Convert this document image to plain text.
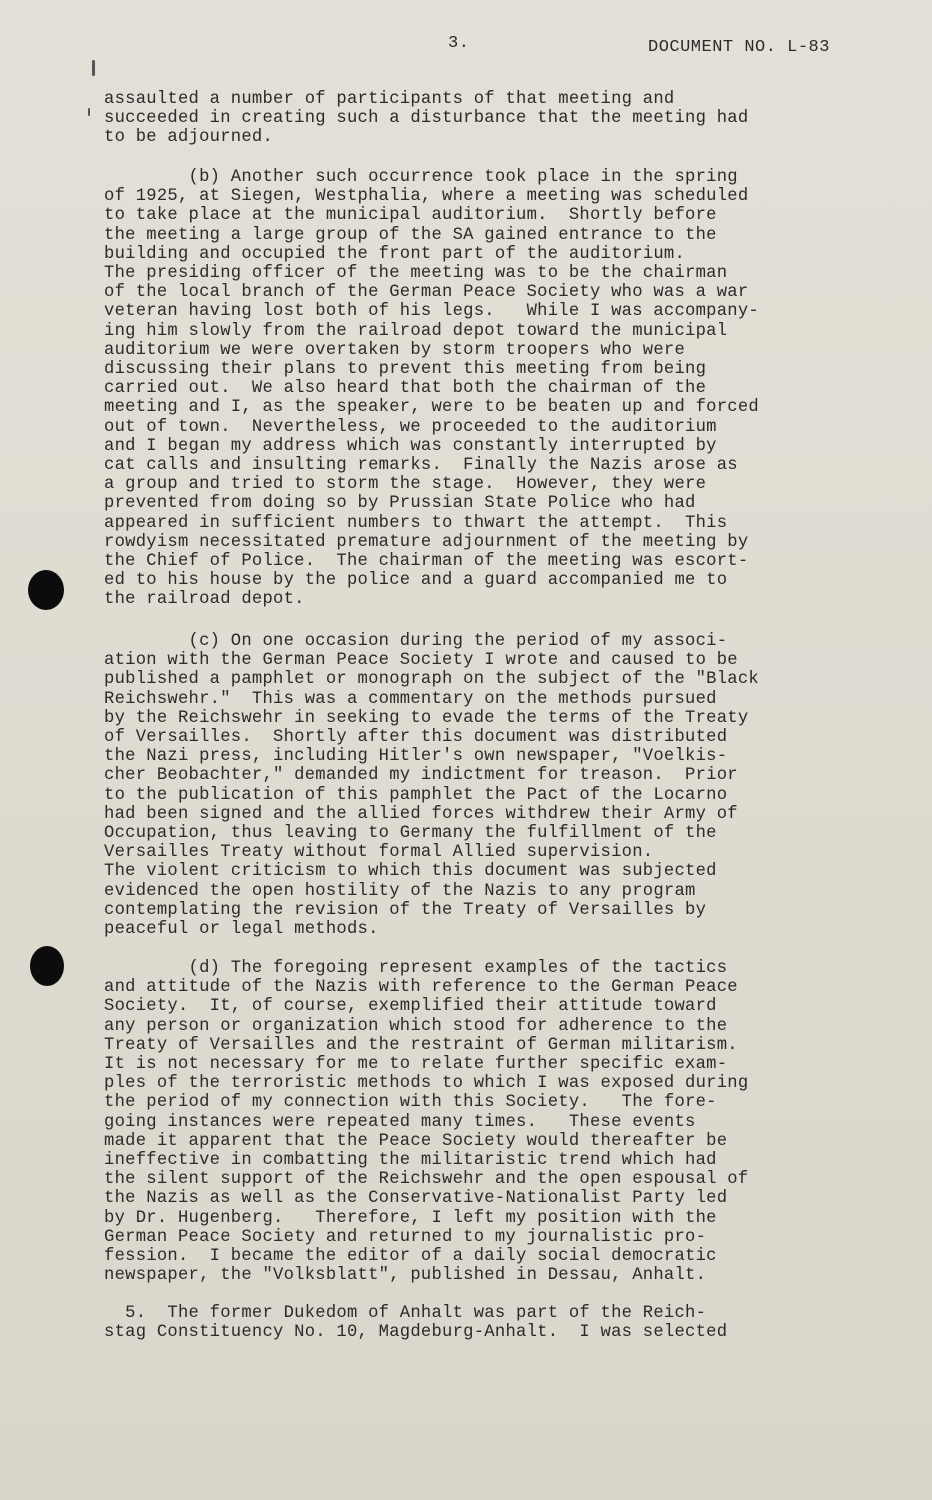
3.	DOCUMENT NO. L-83
assaulted a number of participants of that meeting and
succeeded in creating such a disturbance that the meeting had
to be adjourned.
(b) Another such occurrence took place in the spring
of 1925, at Siegen, Westphalia, where a meeting was scheduled
to take place at the municipal auditorium.  Shortly before
the meeting a large group of the SA gained entrance to the
building and occupied the front part of the auditorium.
The presiding officer of the meeting was to be the chairman
of the local branch of the German Peace Society who was a war
veteran having lost both of his legs.   While I was accompany-
ing him slowly from the railroad depot toward the municipal
auditorium we were overtaken by storm troopers who were
discussing their plans to prevent this meeting from being
carried out.  We also heard that both the chairman of the
meeting and I, as the speaker, were to be beaten up and forced
out of town.  Nevertheless, we proceeded to the auditorium
and I began my address which was constantly interrupted by
cat calls and insulting remarks.  Finally the Nazis arose as
a group and tried to storm the stage.  However, they were
prevented from doing so by Prussian State Police who had
appeared in sufficient numbers to thwart the attempt.  This
rowdyism necessitated premature adjournment of the meeting by
the Chief of Police.  The chairman of the meeting was escort-
ed to his house by the police and a guard accompanied me to
the railroad depot.
(c) On one occasion during the period of my associ-
ation with the German Peace Society I wrote and caused to be
published a pamphlet or monograph on the subject of the "Black
Reichswehr."  This was a commentary on the methods pursued
by the Reichswehr in seeking to evade the terms of the Treaty
of Versailles.  Shortly after this document was distributed
the Nazi press, including Hitler's own newspaper, "Voelkis-
cher Beobachter," demanded my indictment for treason.  Prior
to the publication of this pamphlet the Pact of the Locarno
had been signed and the allied forces withdrew their Army of
Occupation, thus leaving to Germany the fulfillment of the
Versailles Treaty without formal Allied supervision.
The violent criticism to which this document was subjected
evidenced the open hostility of the Nazis to any program
contemplating the revision of the Treaty of Versailles by
peaceful or legal methods.
(d) The foregoing represent examples of the tactics
and attitude of the Nazis with reference to the German Peace
Society.  It, of course, exemplified their attitude toward
any person or organization which stood for adherence to the
Treaty of Versailles and the restraint of German militarism.
It is not necessary for me to relate further specific exam-
ples of the terroristic methods to which I was exposed during
the period of my connection with this Society.   The fore-
going instances were repeated many times.   These events
made it apparent that the Peace Society would thereafter be
ineffective in combatting the militaristic trend which had
the silent support of the Reichswehr and the open espousal of
the Nazis as well as the Conservative-Nationalist Party led
by Dr. Hugenberg.   Therefore, I left my position with the
German Peace Society and returned to my journalistic pro-
fession.  I became the editor of a daily social democratic
newspaper, the "Volksblatt", published in Dessau, Anhalt.
5.  The former Dukedom of Anhalt was part of the Reich-
stag Constituency No. 10, Magdeburg-Anhalt.  I was selected
